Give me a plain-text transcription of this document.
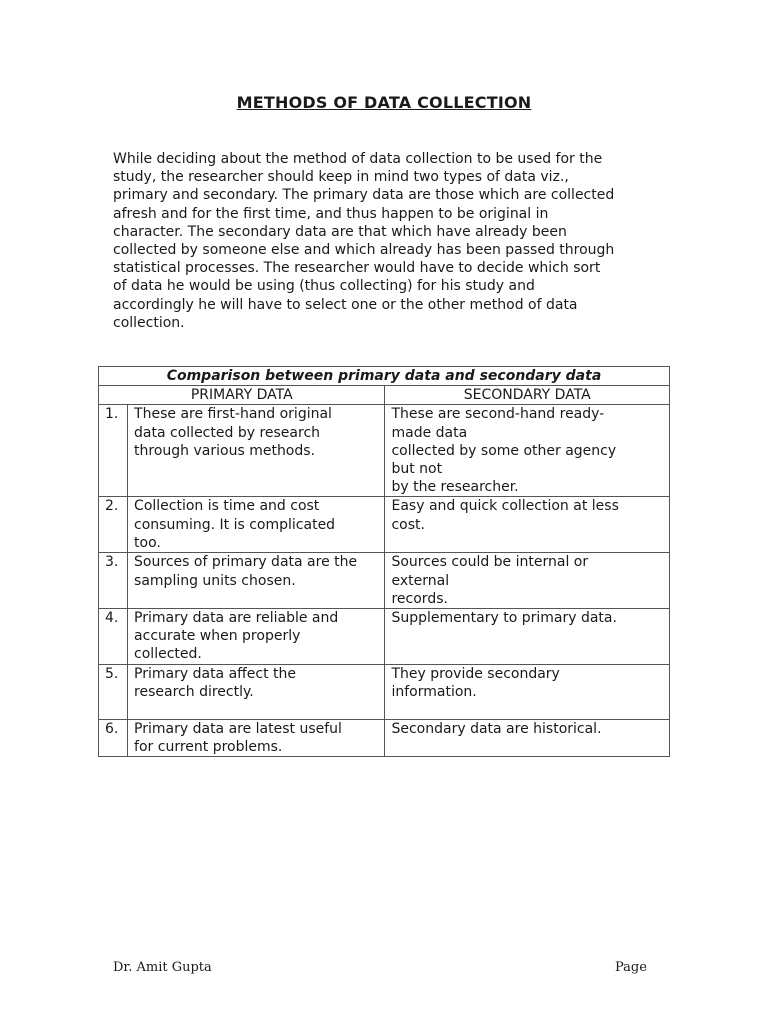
METHODS OF DATA COLLECTION
While deciding about the method of data collection to be used for the
study, the researcher should keep in mind two types of data viz.,
primary and secondary. The primary data are those which are collected
afresh and for the first time, and thus happen to be original in
character. The secondary data are that which have already been
collected by someone else and which already has been passed through
statistical processes. The researcher would have to decide which sort
of data he would be using (thus collecting) for his study and
accordingly he will have to select one or the other method of data
collection.
Comparison between primary data and secondary data		
PRIMARY DATA		SECONDARY DATA
1.	These are first-hand original
data collected by research
through various methods.	These are second-hand ready-
made data
collected by some other agency
but not
by the researcher.

2.	Collection is time and cost
consuming. It is complicated
too.	Easy and quick collection at less
cost.

3.	Sources of primary data are the
sampling units chosen.	Sources could be internal or
external
records.

4.	Primary data are reliable and
accurate when properly
collected.	Supplementary to primary data.

5.	Primary data affect the
research directly.	They provide secondary
information.

6.	Primary data are latest useful
for current problems.	Secondary data are historical.
Dr. Amit Gupta	Page
